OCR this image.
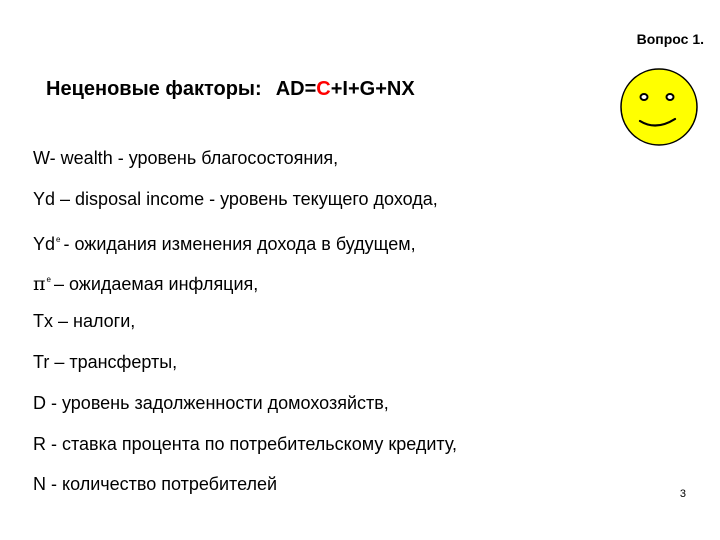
Вопрос 1.
Неценовые факторы: AD=C+I+G+NX
W- wealth - уровень благосостояния,
Yd – disposal income - уровень текущего дохода,
Yd$^e$ - ожидания изменения дохода в будущем,
$\pi^e$ – ожидаемая инфляция,
Tx – налоги,
Tr – трансферты,
D - уровень задолженности домохозяйств,
R - ставка процента по потребительскому кредиту,
N - количество потребителей	3
